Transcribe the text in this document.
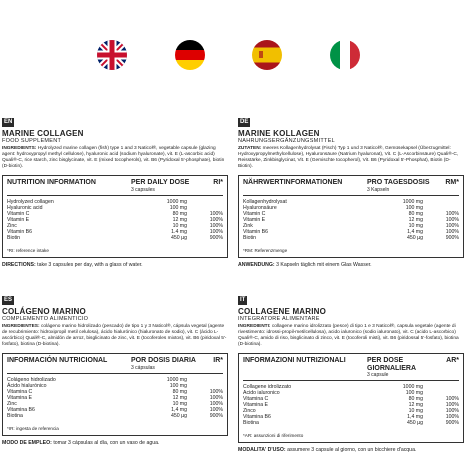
EN
MARINE COLLAGEN
FOOD SUPPLEMENT
INGREDIENTS: Hydrolyzed marine collagen (fish) type 1 and 3 Naticol®, vegetable capsule (glazing agent: hydroxypropyl methyl cellulose), hyaluronic acid (sodium hyaluronate), vit. E (L-ascorbic acid) Quali®-C, rice starch, zinc bisglycinate, vit. E (mixed tocopherols), vit. B6 (Pyridoxal 5'-phosphate), biotin (D-biotin).
NUTRITION INFORMATION	PER DAILY DOSE
3 capsules
RI*
Hydrolyzed collagen	1000 mg
Hyaluronic acid	100 mg
Vitamin C	80 mg	100%
Vitamin E	12 mg	100%
Zinc	10 mg	100%
Vitamin B6	1.4 mg	100%
Biotin	450 µg	900%
*RI: reference intake
DIRECTIONS: take 3 capsules per day, with a glass of water.
DE
MARINE KOLLAGEN
NAHRUNGSERGÄNZUNGSMITTEL
ZUTATEN: meeres Kollagenhydrolysat (Fisch) Typ 1 und 3 Naticol®, Gemüsekapsel (Überzugmittel: Hydroxypropylmethylcellulose), Hyaluronsäure (Natrium hyaluronat), Vit. C (L-Ascorbinsäure) Quali®-C, Reisstärke, Zinkbisglycinat, Vit. E (Gemischte tocopherol), Vit. B6 (Pyridoxal 5'-Phosphat), Biotin (D-Biotin).
NÄHRWERTINFORMATIONEN	PRO TAGESDOSIS
3 Kapseln
RM*
Kollagenhydrolysat	1000 mg
Hyaluronsäure	100 mg
Vitamin C	80 mg	100%
Vitamin E	12 mg	100%
Zink	10 mg	100%
Vitamin B6	1,4 mg	100%
Biotin	450 µg	900%
*RM: Referenzmenge
ANWENDUNG: 3 Kapseln täglich mit einem Glas Wasser.
ES
COLÁGENO MARINO
COMPLEMENTO ALIMENTICIO
INGREDIENTES: colágeno marino hidrolizado (pescado) de tipo 1 y 3 Naticol®, cápsula vegetal (agente de recubrimiento: hidroxipropil metil celulosa), ácido hialurónico (hialuronato de sodio), vit. C (ácido L-ascórbico) Quali®-C, almidón de arroz, bisglicinato de zinc, vit. E (tocoferoles mixtos), vit. B6 (piridoxal 5'-fosfato), biotina (D-biotina).
INFORMACIÓN NUTRICIONAL	POR DOSIS DIARIA
3 cápsulas
IR*
Colágeno hidrolizado	1000 mg
Ácido hialurónico	100 mg
Vitamina C	80 mg	100%
Vitamina E	12 mg	100%
Zinc	10 mg	100%
Vitamina B6	1,4 mg	100%
Biotina	450 µg	900%
*IR: ingesta de referencia
MODO DE EMPLEO: tomar 3 cápsulas al día, con un vaso de agua.
IT
COLLAGENE MARINO
INTEGRATORE ALIMENTARE
INGREDIENTI: collagene marino idrolizzato (pesce) di tipo 1 e 3 Naticol®, capsula vegetale (agente di rivestimento: idrossi-propil-metilcellulosa), acido ialuronico (sodio ialuronato), vit. C (acido L-ascorbico) Quali®-C, amido di riso, bisglicinato di zinco, vit. E (tocoferoli misti), vit. B6 (piridossal 5'-fosfato), biotina (D-biotina).
INFORMAZIONI NUTRIZIONALI	PER DOSE GIORNALIERA
3 capsule
AR*
Collagene idrolizzato	1000 mg
Acido ialuronico	100 mg
Vitamina C	80 mg	100%
Vitamina E	12 mg	100%
Zinco	10 mg	100%
Vitamina B6	1,4 mg	100%
Biotina	450 µg	900%
*AR: assunzioni di riferimento
MODALITA' D'USO: assumere 3 capsule al giorno, con un bicchiere d'acqua.
